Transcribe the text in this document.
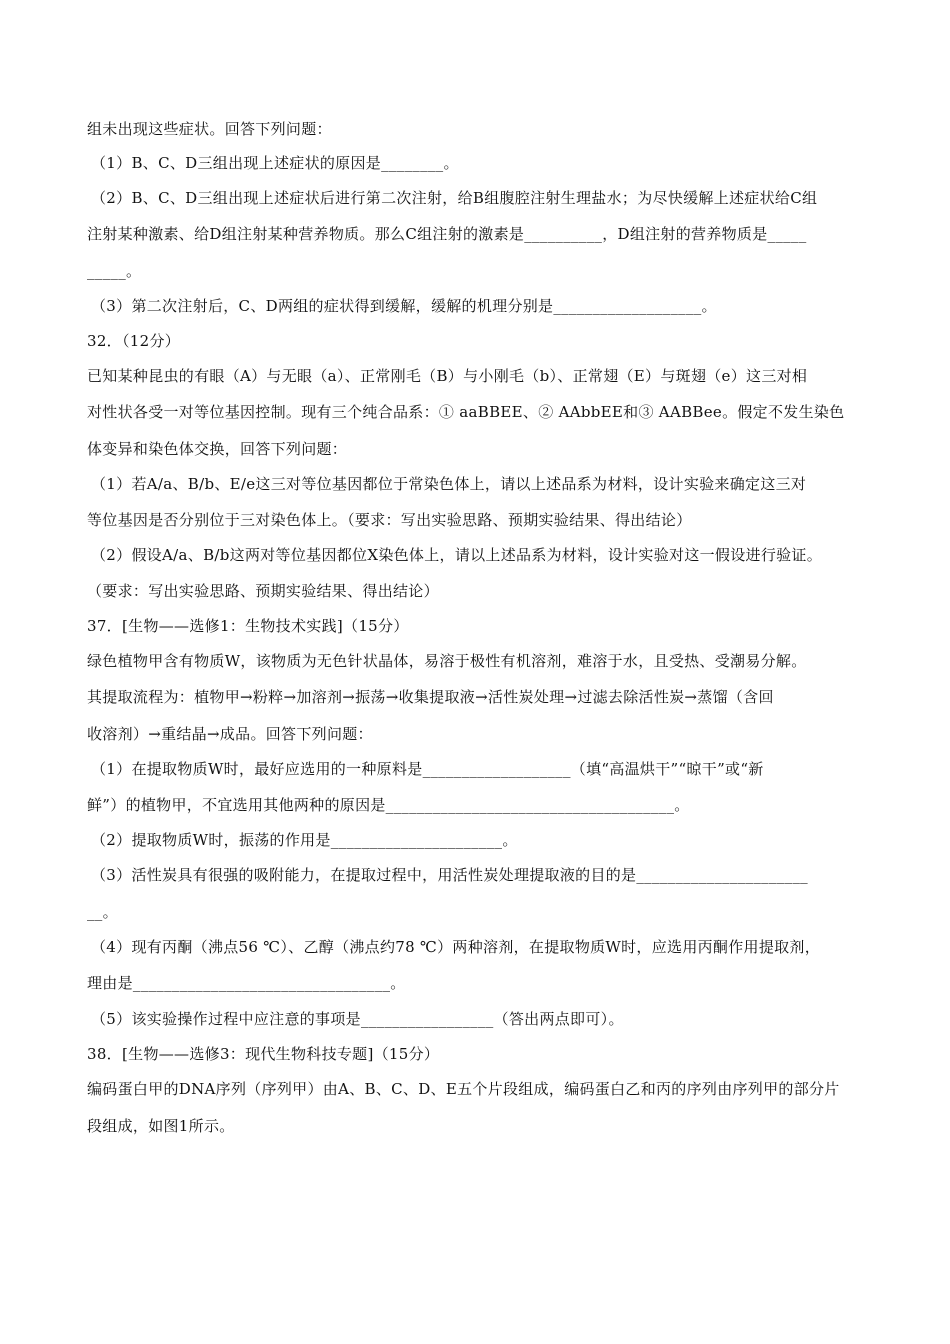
组未出现这些症状。回答下列问题：
（1）B、C、D三组出现上述症状的原因是________。
（2）B、C、D三组出现上述症状后进行第二次注射，给B组腹腔注射生理盐水；为尽快缓解上述症状给C组
注射某种激素、给D组注射某种营养物质。那么C组注射的激素是__________，D组注射的营养物质是_____
_____。
（3）第二次注射后，C、D两组的症状得到缓解，缓解的机理分别是___________________。
32．（12分）
已知某种昆虫的有眼（A）与无眼（a）、正常刚毛（B）与小刚毛（b）、正常翅（E）与斑翅（e）这三对相
对性状各受一对等位基因控制。现有三个纯合品系：① aaBBEE、② AAbbEE和③ AABBee。假定不发生染色
体变异和染色体交换，回答下列问题：
（1）若A/a、B/b、E/e这三对等位基因都位于常染色体上，请以上述品系为材料，设计实验来确定这三对
等位基因是否分别位于三对染色体上。（要求：写出实验思路、预期实验结果、得出结论）
（2）假设A/a、B/b这两对等位基因都位X染色体上，请以上述品系为材料，设计实验对这一假设进行验证。
（要求：写出实验思路、预期实验结果、得出结论）
37．[生物——选修1：生物技术实践]（15分）
绿色植物甲含有物质W，该物质为无色针状晶体，易溶于极性有机溶剂，难溶于水，且受热、受潮易分解。
其提取流程为：植物甲→粉粹→加溶剂→振荡→收集提取液→活性炭处理→过滤去除活性炭→蒸馏（含回
收溶剂）→重结晶→成品。回答下列问题：
（1）在提取物质W时，最好应选用的一种原料是___________________（填“高温烘干”“晾干”或“新
鲜”）的植物甲，不宜选用其他两种的原因是_____________________________________。
（2）提取物质W时，振荡的作用是______________________。
（3）活性炭具有很强的吸附能力，在提取过程中，用活性炭处理提取液的目的是______________________
__。
（4）现有丙酮（沸点56 ℃）、乙醇（沸点约78 ℃）两种溶剂，在提取物质W时，应选用丙酮作用提取剂，
理由是_________________________________。
（5）该实验操作过程中应注意的事项是_________________（答出两点即可）。
38．[生物——选修3：现代生物科技专题]（15分）
编码蛋白甲的DNA序列（序列甲）由A、B、C、D、E五个片段组成，编码蛋白乙和丙的序列由序列甲的部分片
段组成，如图1所示。
